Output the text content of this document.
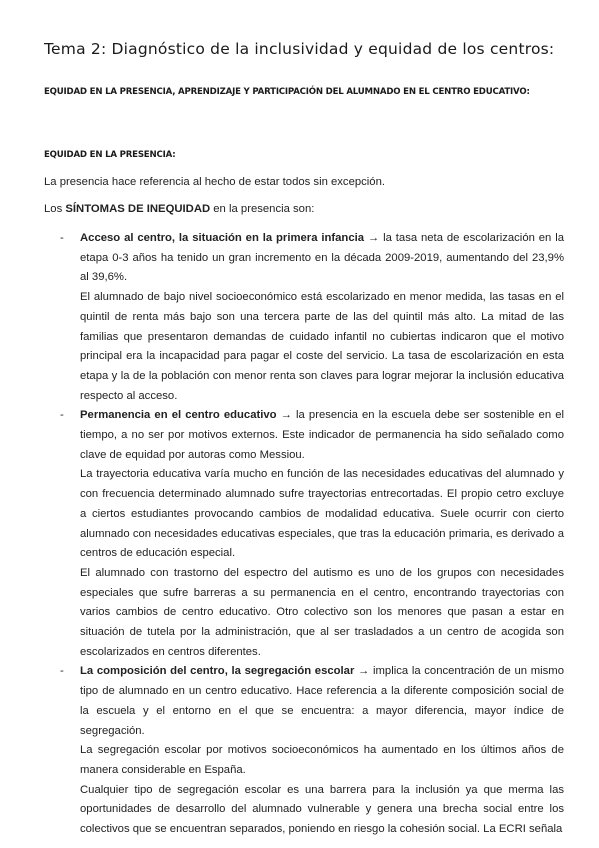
Tema 2: Diagnóstico de la inclusividad y equidad de los centros:
EQUIDAD EN LA PRESENCIA, APRENDIZAJE Y PARTICIPACIÓN DEL ALUMNADO EN EL CENTRO EDUCATIVO:
EQUIDAD EN LA PRESENCIA:
La presencia hace referencia al hecho de estar todos sin excepción.
Los SÍNTOMAS DE INEQUIDAD en la presencia son:
- Acceso al centro, la situación en la primera infancia → la tasa neta de escolarización en la etapa 0-3 años ha tenido un gran incremento en la década 2009-2019, aumentando del 23,9% al 39,6%.

El alumnado de bajo nivel socioeconómico está escolarizado en menor medida, las tasas en el quintil de renta más bajo son una tercera parte de las del quintil más alto. La mitad de las familias que presentaron demandas de cuidado infantil no cubiertas indicaron que el motivo principal era la incapacidad para pagar el coste del servicio. La tasa de escolarización en esta etapa y la de la población con menor renta son claves para lograr mejorar la inclusión educativa respecto al acceso.

- Permanencia en el centro educativo → la presencia en la escuela debe ser sostenible en el tiempo, a no ser por motivos externos. Este indicador de permanencia ha sido señalado como clave de equidad por autoras como Messiou.

La trayectoria educativa varía mucho en función de las necesidades educativas del alumnado y con frecuencia determinado alumnado sufre trayectorias entrecortadas. El propio cetro excluye a ciertos estudiantes provocando cambios de modalidad educativa. Suele ocurrir con cierto alumnado con necesidades educativas especiales, que tras la educación primaria, es derivado a centros de educación especial.

El alumnado con trastorno del espectro del autismo es uno de los grupos con necesidades especiales que sufre barreras a su permanencia en el centro, encontrando trayectorias con varios cambios de centro educativo. Otro colectivo son los menores que pasan a estar en situación de tutela por la administración, que al ser trasladados a un centro de acogida son escolarizados en centros diferentes.

- La composición del centro, la segregación escolar → implica la concentración de un mismo tipo de alumnado en un centro educativo. Hace referencia a la diferente composición social de la escuela y el entorno en el que se encuentra: a mayor diferencia, mayor índice de segregación.

La segregación escolar por motivos socioeconómicos ha aumentado en los últimos años de manera considerable en España.

Cualquier tipo de segregación escolar es una barrera para la inclusión ya que merma las oportunidades de desarrollo del alumnado vulnerable y genera una brecha social entre los colectivos que se encuentran separados, poniendo en riesgo la cohesión social. La ECRI señala
